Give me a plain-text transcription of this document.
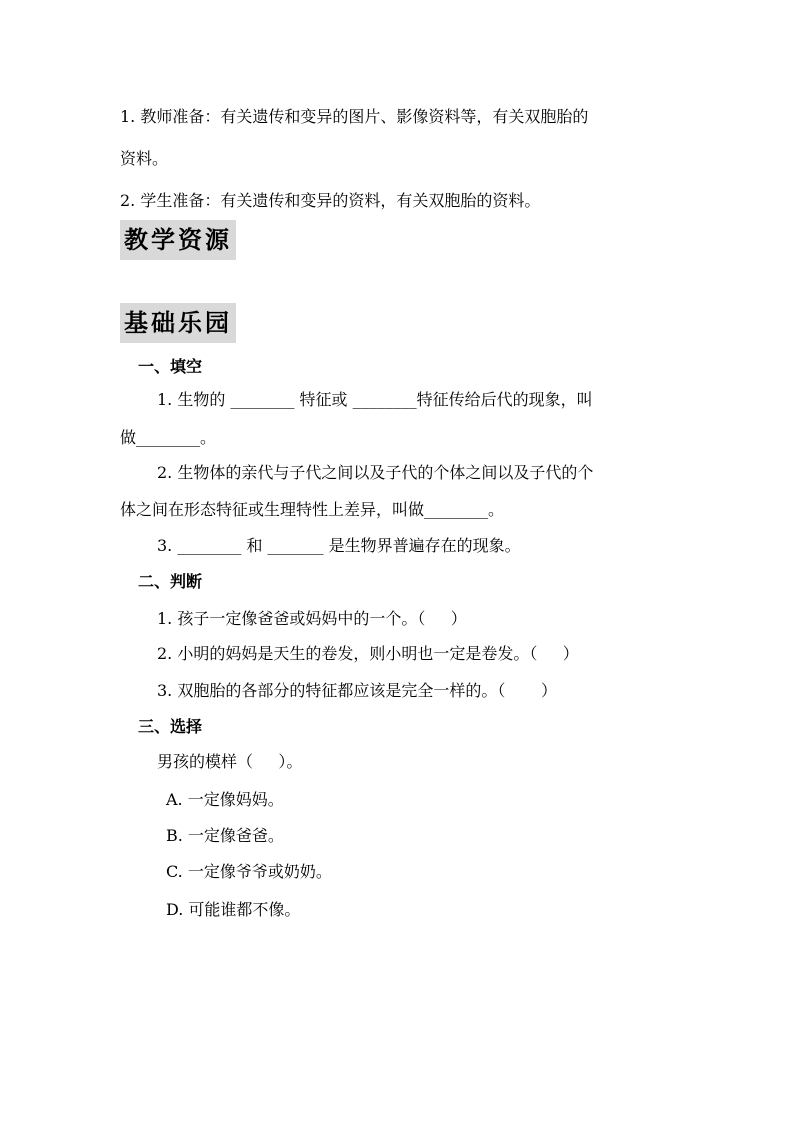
1. 教师准备：有关遗传和变异的图片、影像资料等，有关双胞胎的
资料。
2. 学生准备：有关遗传和变异的资料，有关双胞胎的资料。
教学资源
基础乐园
一、填空
1. 生物的 ________ 特征或 ________特征传给后代的现象，叫
做________。
2. 生物体的亲代与子代之间以及子代的个体之间以及子代的个
体之间在形态特征或生理特性上差异，叫做________。
3. ________ 和 _______ 是生物界普遍存在的现象。
二、判断
1. 孩子一定像爸爸或妈妈中的一个。（     ）
2. 小明的妈妈是天生的卷发，则小明也一定是卷发。（     ）
3. 双胞胎的各部分的特征都应该是完全一样的。（       ）
三、选择
男孩的模样（     ）。
A. 一定像妈妈。
B. 一定像爸爸。
C. 一定像爷爷或奶奶。
D. 可能谁都不像。
